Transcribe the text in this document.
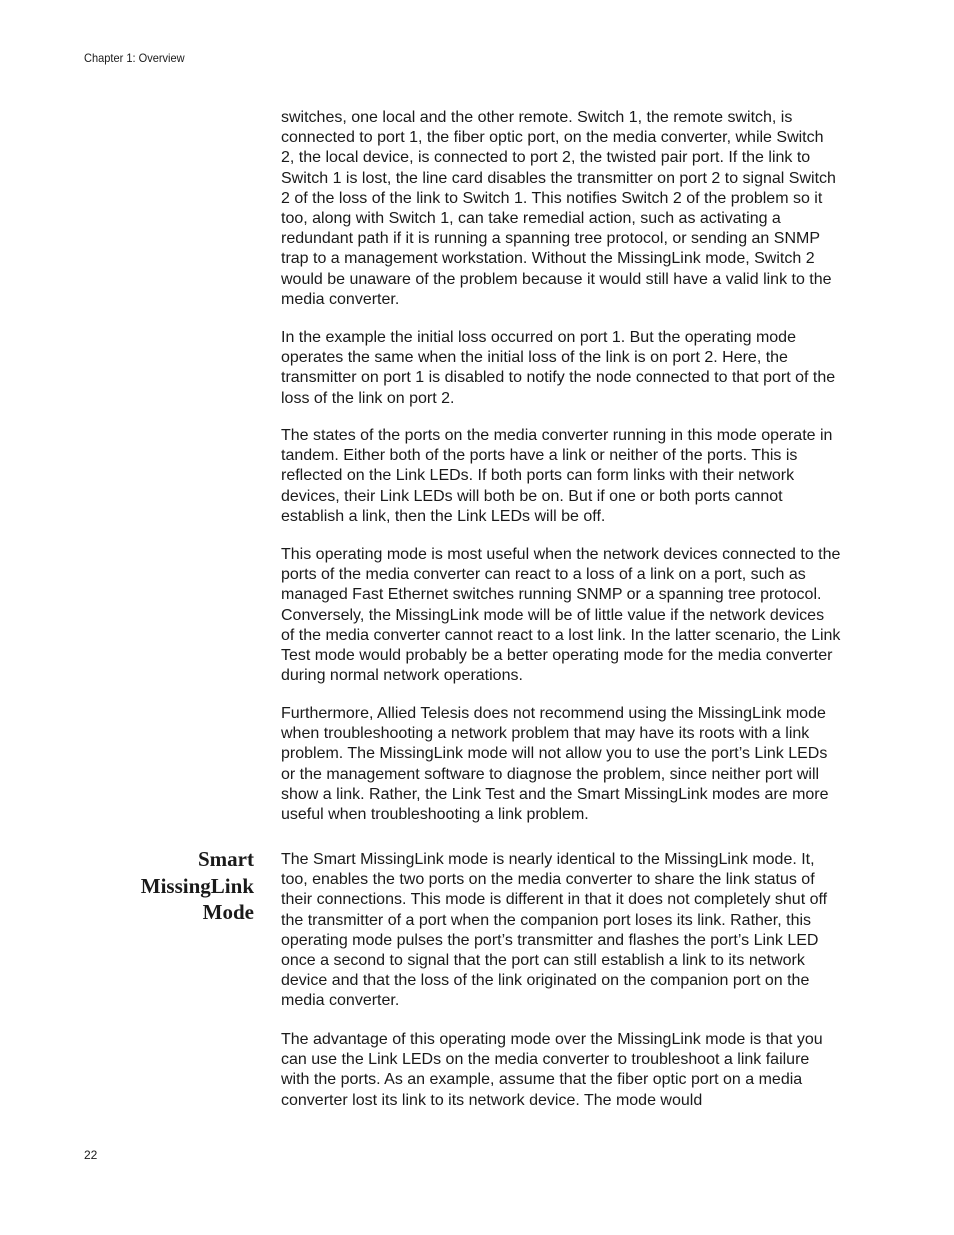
Chapter 1: Overview

switches, one local and the other remote. Switch 1, the remote switch, is connected to port 1, the fiber optic port, on the media converter, while Switch 2, the local device, is connected to port 2, the twisted pair port. If the link to Switch 1 is lost, the line card disables the transmitter on port 2 to signal Switch 2 of the loss of the link to Switch 1. This notifies Switch 2 of the problem so it too, along with Switch 1, can take remedial action, such as activating a redundant path if it is running a spanning tree protocol, or sending an SNMP trap to a management workstation. Without the MissingLink mode, Switch 2 would be unaware of the problem because it would still have a valid link to the media converter.

In the example the initial loss occurred on port 1. But the operating mode operates the same when the initial loss of the link is on port 2. Here, the transmitter on port 1 is disabled to notify the node connected to that port of the loss of the link on port 2.

The states of the ports on the media converter running in this mode operate in tandem. Either both of the ports have a link or neither of the ports. This is reflected on the Link LEDs. If both ports can form links with their network devices, their Link LEDs will both be on. But if one or both ports cannot establish a link, then the Link LEDs will be off.

This operating mode is most useful when the network devices connected to the ports of the media converter can react to a loss of a link on a port, such as managed Fast Ethernet switches running SNMP or a spanning tree protocol. Conversely, the MissingLink mode will be of little value if the network devices of the media converter cannot react to a lost link. In the latter scenario, the Link Test mode would probably be a better operating mode for the media converter during normal network operations.

Furthermore, Allied Telesis does not recommend using the MissingLink mode when troubleshooting a network problem that may have its roots with a link problem. The MissingLink mode will not allow you to use the port’s Link LEDs or the management software to diagnose the problem, since neither port will show a link. Rather, the Link Test and the Smart MissingLink modes are more useful when troubleshooting a link problem.

Smart
MissingLink
Mode

The Smart MissingLink mode is nearly identical to the MissingLink mode. It, too, enables the two ports on the media converter to share the link status of their connections. This mode is different in that it does not completely shut off the transmitter of a port when the companion port loses its link. Rather, this operating mode pulses the port’s transmitter and flashes the port’s Link LED once a second to signal that the port can still establish a link to its network device and that the loss of the link originated on the companion port on the media converter.

The advantage of this operating mode over the MissingLink mode is that you can use the Link LEDs on the media converter to troubleshoot a link failure with the ports. As an example, assume that the fiber optic port on a media converter lost its link to its network device. The mode would

22
